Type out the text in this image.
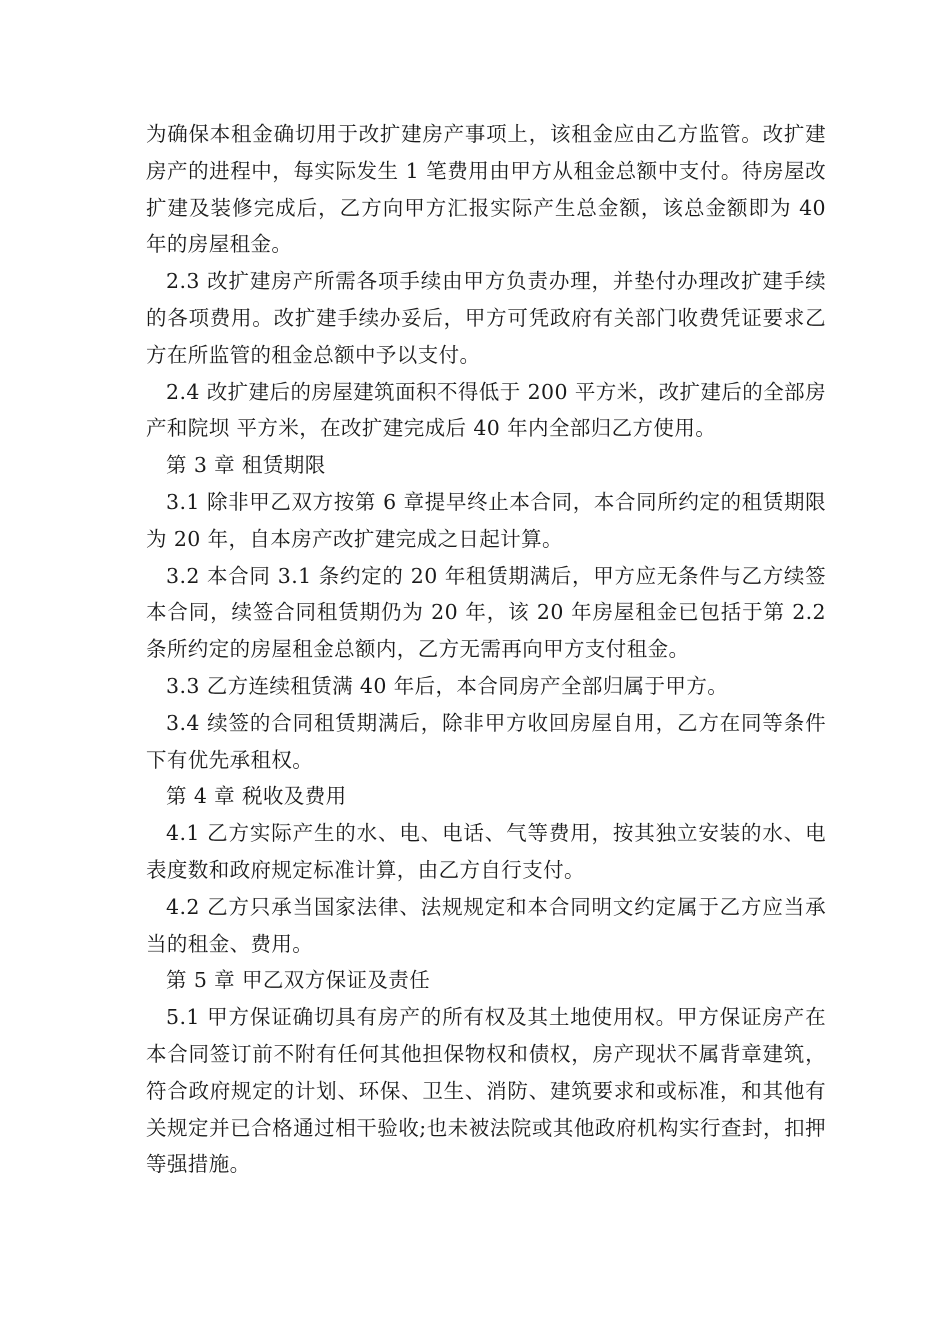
为确保本租金确切用于改扩建房产事项上，该租金应由乙方监管。改扩建房产的进程中，每实际发生 1 笔费用由甲方从租金总额中支付。待房屋改扩建及装修完成后，乙方向甲方汇报实际产生总金额，该总金额即为 40 年的房屋租金。

2.3 改扩建房产所需各项手续由甲方负责办理，并垫付办理改扩建手续的各项费用。改扩建手续办妥后，甲方可凭政府有关部门收费凭证要求乙方在所监管的租金总额中予以支付。

2.4 改扩建后的房屋建筑面积不得低于 200 平方米，改扩建后的全部房产和院坝 平方米，在改扩建完成后 40 年内全部归乙方使用。

第 3 章 租赁期限

3.1 除非甲乙双方按第 6 章提早终止本合同，本合同所约定的租赁期限为 20 年，自本房产改扩建完成之日起计算。

3.2 本合同 3.1 条约定的 20 年租赁期满后，甲方应无条件与乙方续签本合同，续签合同租赁期仍为 20 年，该 20 年房屋租金已包括于第 2.2 条所约定的房屋租金总额内，乙方无需再向甲方支付租金。

3.3 乙方连续租赁满 40 年后，本合同房产全部归属于甲方。

3.4 续签的合同租赁期满后，除非甲方收回房屋自用，乙方在同等条件下有优先承租权。

第 4 章 税收及费用

4.1 乙方实际产生的水、电、电话、气等费用，按其独立安装的水、电表度数和政府规定标准计算，由乙方自行支付。

4.2 乙方只承当国家法律、法规规定和本合同明文约定属于乙方应当承当的租金、费用。

第 5 章 甲乙双方保证及责任

5.1 甲方保证确切具有房产的所有权及其土地使用权。甲方保证房产在本合同签订前不附有任何其他担保物权和债权，房产现状不属背章建筑，符合政府规定的计划、环保、卫生、消防、建筑要求和或标准，和其他有关规定并已合格通过相干验收;也未被法院或其他政府机构实行查封，扣押等强措施。
